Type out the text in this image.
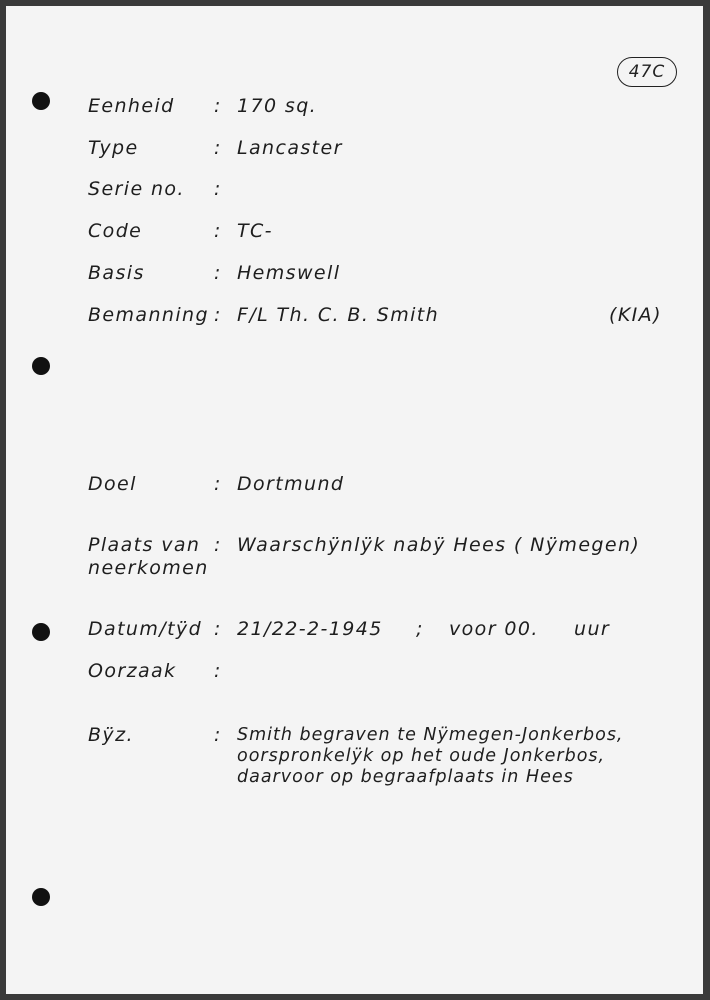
47C
Eenheid : 170 sq.
Type	: Lancaster
Serie no. :
Code	: TC-
Basis	: Hemswell
Bemanning : F/L Th. C. B. Smith	(KIA)
Doel	: Dortmund
Plaats van
neerkomen
: Waarschÿnlÿk nabÿ Hees ( Nÿmegen)
Datum/tÿd : 21/22-2-1945 ; voor 00. uur
Oorzaak :
Bÿz.	: Smith begraven te Nÿmegen-Jonkerbos,
oorspronkelÿk op het oude Jonkerbos,
daarvoor op begraafplaats in Hees
